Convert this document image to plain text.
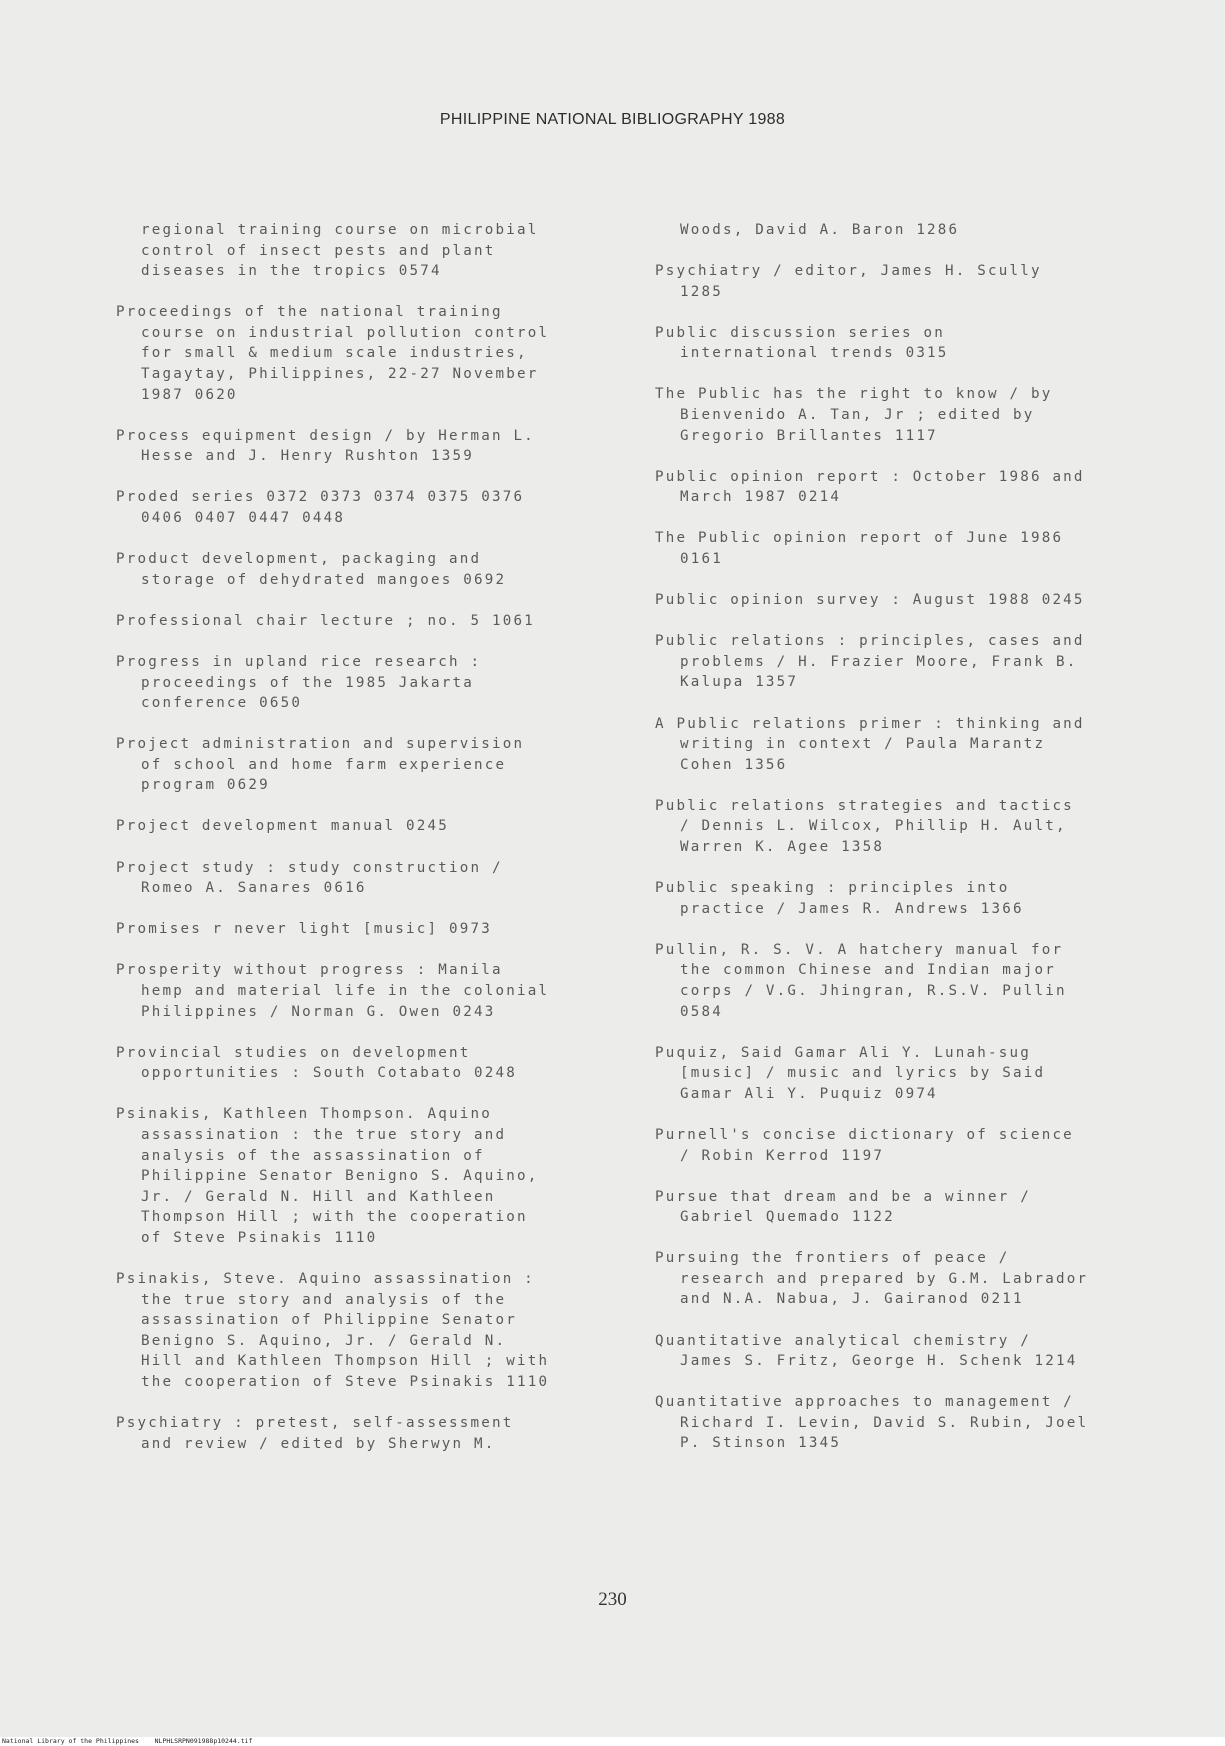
PHILIPPINE NATIONAL BIBLIOGRAPHY 1988

regional training course on microbial
control of insect pests and plant
diseases in the tropics 0574

Proceedings of the national training
course on industrial pollution control
for small & medium scale industries,
Tagaytay, Philippines, 22-27 November
1987 0620

Process equipment design / by Herman L.
Hesse and J. Henry Rushton 1359

Proded series 0372 0373 0374 0375 0376
0406 0407 0447 0448

Product development, packaging and
storage of dehydrated mangoes 0692

Professional chair lecture ; no. 5 1061

Progress in upland rice research :
proceedings of the 1985 Jakarta
conference 0650

Project administration and supervision
of school and home farm experience
program 0629

Project development manual 0245

Project study : study construction /
Romeo A. Sanares 0616

Promises r never light [music] 0973

Prosperity without progress : Manila
hemp and material life in the colonial
Philippines / Norman G. Owen 0243

Provincial studies on development
opportunities : South Cotabato 0248

Psinakis, Kathleen Thompson. Aquino
assassination : the true story and
analysis of the assassination of
Philippine Senator Benigno S. Aquino,
Jr. / Gerald N. Hill and Kathleen
Thompson Hill ; with the cooperation
of Steve Psinakis 1110

Psinakis, Steve. Aquino assassination :
the true story and analysis of the
assassination of Philippine Senator
Benigno S. Aquino, Jr. / Gerald N.
Hill and Kathleen Thompson Hill ; with
the cooperation of Steve Psinakis 1110

Psychiatry : pretest, self-assessment
and review / edited by Sherwyn M.

Woods, David A. Baron 1286

Psychiatry / editor, James H. Scully
1285

Public discussion series on
international trends 0315

The Public has the right to know / by
Bienvenido A. Tan, Jr ; edited by
Gregorio Brillantes 1117

Public opinion report : October 1986 and
March 1987 0214

The Public opinion report of June 1986
0161

Public opinion survey : August 1988 0245

Public relations : principles, cases and
problems / H. Frazier Moore, Frank B.
Kalupa 1357

A Public relations primer : thinking and
writing in context / Paula Marantz
Cohen 1356

Public relations strategies and tactics
/ Dennis L. Wilcox, Phillip H. Ault,
Warren K. Agee 1358

Public speaking : principles into
practice / James R. Andrews 1366

Pullin, R. S. V. A hatchery manual for
the common Chinese and Indian major
corps / V.G. Jhingran, R.S.V. Pullin
0584

Puquiz, Said Gamar Ali Y. Lunah-sug
[music] / music and lyrics by Said
Gamar Ali Y. Puquiz 0974

Purnell's concise dictionary of science
/ Robin Kerrod 1197

Pursue that dream and be a winner /
Gabriel Quemado 1122

Pursuing the frontiers of peace /
research and prepared by G.M. Labrador
and N.A. Nabua, J. Gairanod 0211

Quantitative analytical chemistry /
James S. Fritz, George H. Schenk 1214

Quantitative approaches to management /
Richard I. Levin, David S. Rubin, Joel
P. Stinson 1345

230
National Library of the Philippines    NLPHLSRPN091988p10244.tif
